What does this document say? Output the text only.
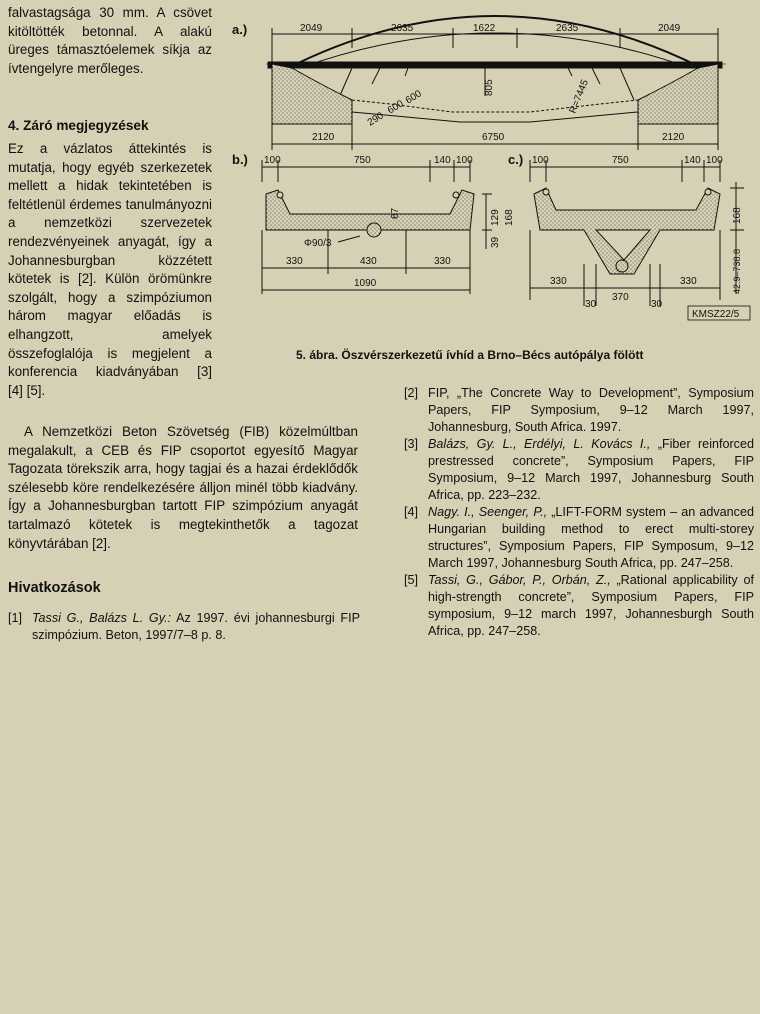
falvastagsága 30 mm. A csövet kitöltötték betonnal. A alakú üreges támasztóelemek síkja az ívtengelyre merőleges.
4. Záró megjegyzések
Ez a vázlatos áttekintés is mutatja, hogy egyéb szerkezetek mellett a hidak tekintetében is feltétlenül érdemes tanulmányozni a nemzetközi szervezetek rendezvényeinek anyagát, így a Johannesburgban közzétett kötetek is [2]. Külön örömünkre szolgált, hogy a szimpóziumon három magyar előadás is elhangzott, amelyek összefoglalója is megjelent a konferencia kiadványában [3] [4] [5].
A Nemzetközi Beton Szövetség (FIB) közelmúltban megalakult, a CEB és FIP csoportot egyesítő Magyar Tagozata törekszik arra, hogy tagjai és a hazai érdeklődők szélesebb köre rendelkezésére álljon minél több kiadvány. Így a Johannesburgban tartott FIP szimpózium anyagát tartalmazó kötetek is megtekinthetők a tagozat könyvtárában [2].
Hivatkozások
[1] Tassi G., Balázs L. Gy.: Az 1997. évi johannesburgi FIP szimpózium. Beton, 1997/7–8 p. 8.
[2] FIP, „The Concrete Way to Development”, Symposium Papers, FIP Symposium, 9–12 March 1997, Johannesburg, South Africa. 1997.
[3] Balázs, Gy. L., Erdélyi, L. Kovács I., „Fiber reinforced prestressed concrete”, Symposium Papers, FIP Symposium, 9–12 March 1997, Johannesburg South Africa, pp. 223–232.
[4] Nagy. I., Seenger, P., „LIFT-FORM system – an advanced Hungarian building method to erect multi-storey structures”, Symposium Papers, FIP Symposum, 9–12 March 1997, Johannesburg South Africa, pp. 247–258.
[5] Tassi, G., Gábor, P., Orbán, Z., „Rational applicability of high-strength concrete”, Symposium Papers, FIP symposium, 9–12 march 1997, Johannesburgh South Africa, pp. 247–258.
a.)	2049	2635	1622	2635	2049
805	R=7445
290
600
600
2120	6750	2120
b.) 100	750	140 100
67
Φ90/3
129 168
39
330	430	330
1090
c.) 100	750	140 100
168
42.9–738.8
330
370
330
30	30
KMSZ22/5
5. ábra. Öszvérszerkezetű ívhíd a Brno–Bécs autópálya fölött
